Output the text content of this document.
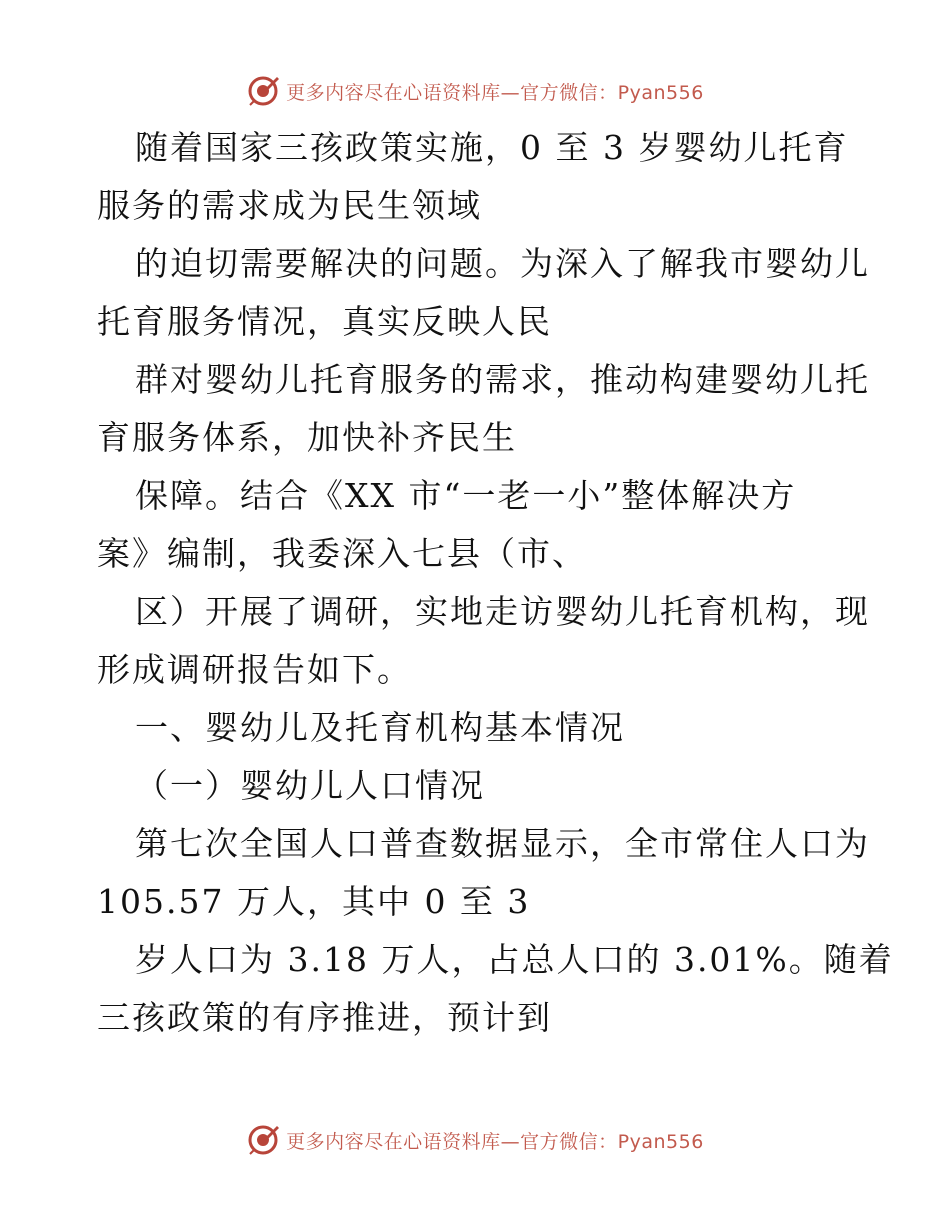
更多内容尽在心语资料库—官方微信：Pyan556
随着国家三孩政策实施，0 至 3 岁婴幼儿托育
服务的需求成为民生领域
的迫切需要解决的问题。为深入了解我市婴幼儿
托育服务情况，真实反映人民
群对婴幼儿托育服务的需求，推动构建婴幼儿托
育服务体系，加快补齐民生
保障。结合《XX 市“一老一小”整体解决方
案》编制，我委深入七县（市、
区）开展了调研，实地走访婴幼儿托育机构，现
形成调研报告如下。
一、婴幼儿及托育机构基本情况
（一）婴幼儿人口情况
第七次全国人口普查数据显示，全市常住人口为
105.57 万人，其中 0 至 3
岁人口为 3.18 万人，占总人口的 3.01%。随着
三孩政策的有序推进，预计到
更多内容尽在心语资料库—官方微信：Pyan556
